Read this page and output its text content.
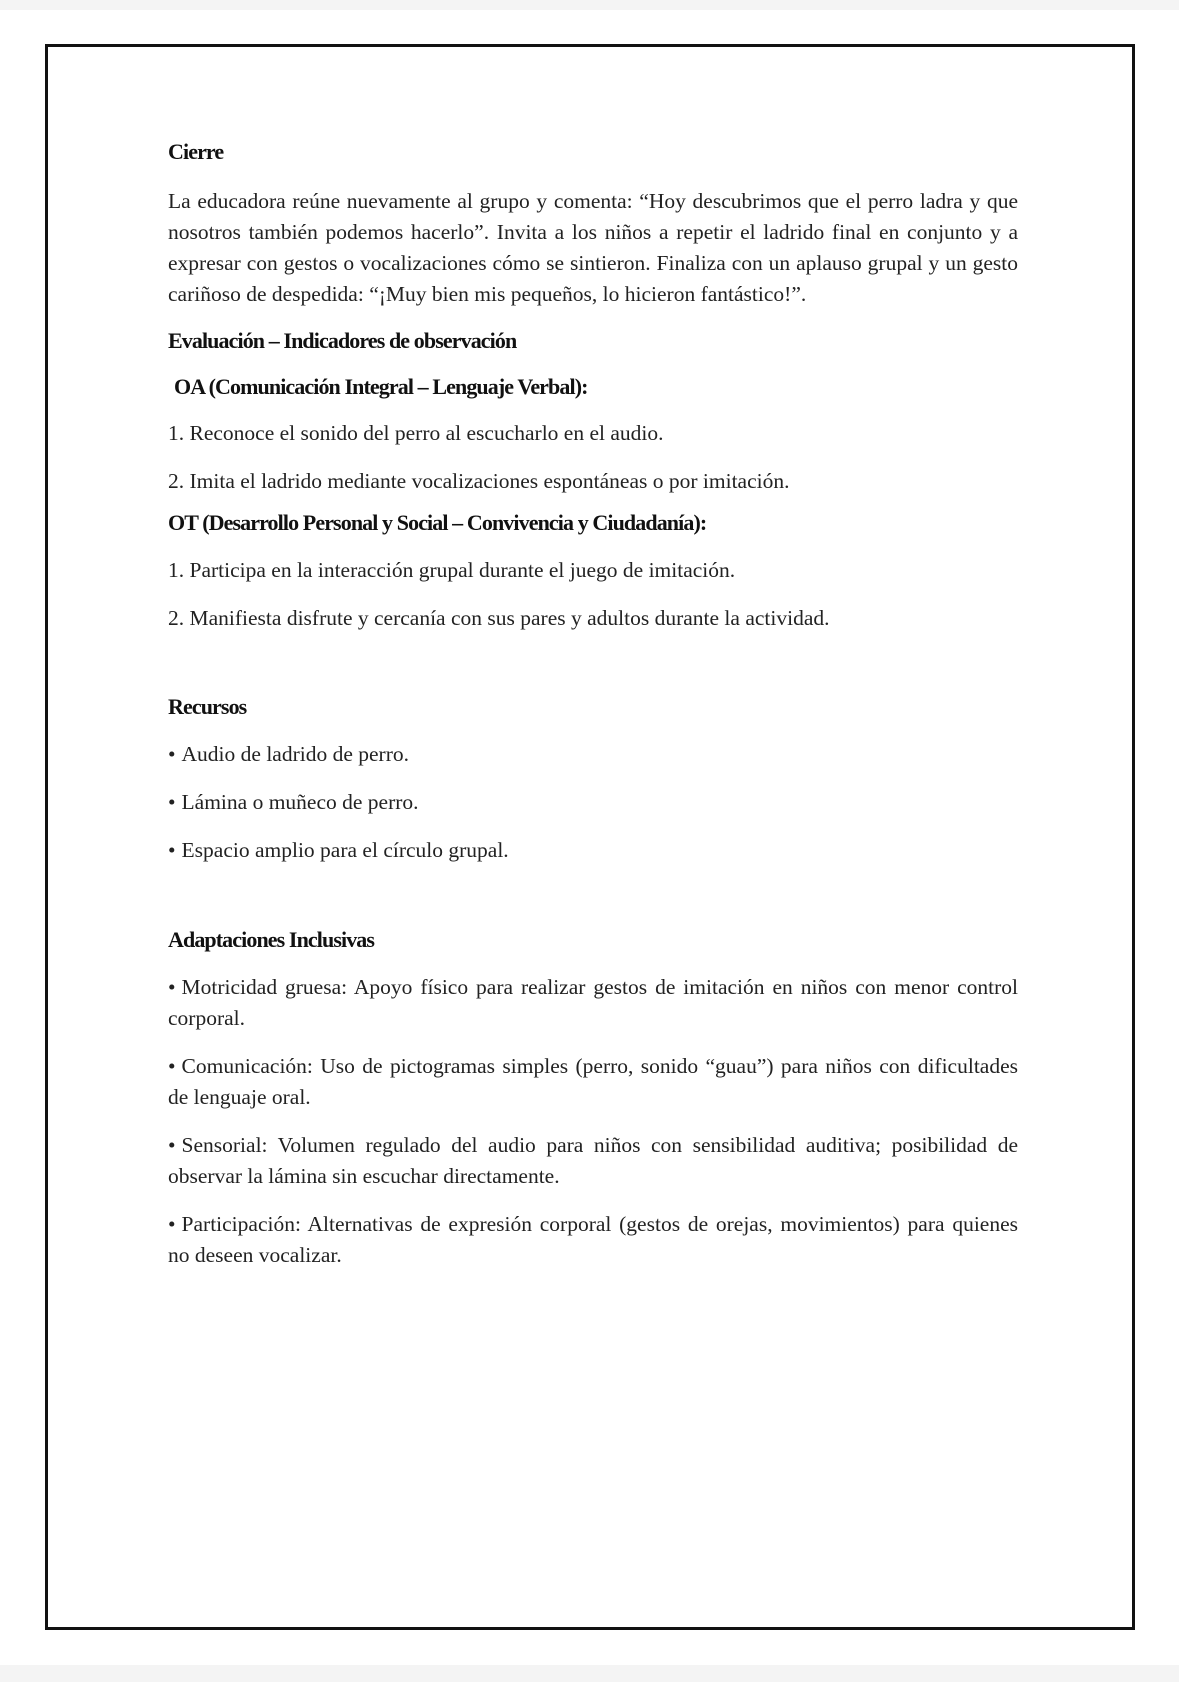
Cierre

La educadora reúne nuevamente al grupo y comenta: “Hoy descubrimos que el perro ladra y que nosotros también podemos hacerlo”. Invita a los niños a repetir el ladrido final en conjunto y a expresar con gestos o vocalizaciones cómo se sintieron. Finaliza con un aplauso grupal y un gesto cariñoso de despedida: “¡Muy bien mis pequeños, lo hicieron fantástico!”.

Evaluación – Indicadores de observación
OA (Comunicación Integral – Lenguaje Verbal):

1. Reconoce el sonido del perro al escucharlo en el audio.

2. Imita el ladrido mediante vocalizaciones espontáneas o por imitación.

OT (Desarrollo Personal y Social – Convivencia y Ciudadanía):

1. Participa en la interacción grupal durante el juego de imitación.

2. Manifiesta disfrute y cercanía con sus pares y adultos durante la actividad.

Recursos

• Audio de ladrido de perro.

• Lámina o muñeco de perro.

• Espacio amplio para el círculo grupal.

Adaptaciones Inclusivas

• Motricidad gruesa: Apoyo físico para realizar gestos de imitación en niños con menor control corporal.

• Comunicación: Uso de pictogramas simples (perro, sonido “guau”) para niños con dificultades de lenguaje oral.

• Sensorial: Volumen regulado del audio para niños con sensibilidad auditiva; posibilidad de observar la lámina sin escuchar directamente.

• Participación: Alternativas de expresión corporal (gestos de orejas, movimientos) para quienes no deseen vocalizar.
